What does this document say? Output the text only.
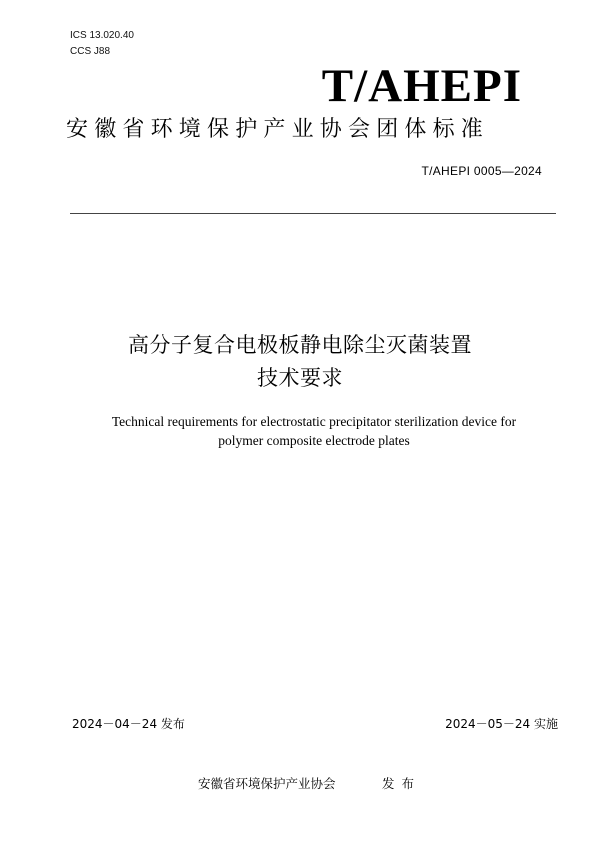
ICS 13.020.40
CCS J88
T/AHEPI
安徽省环境保护产业协会团体标准
T/AHEPI 0005—2024
高分子复合电极板静电除尘灭菌装置
技术要求
Technical requirements for electrostatic precipitator sterilization device for
polymer composite electrode plates
2024－04－24 发布	2024－05－24 实施
安徽省环境保护产业协会	发布
